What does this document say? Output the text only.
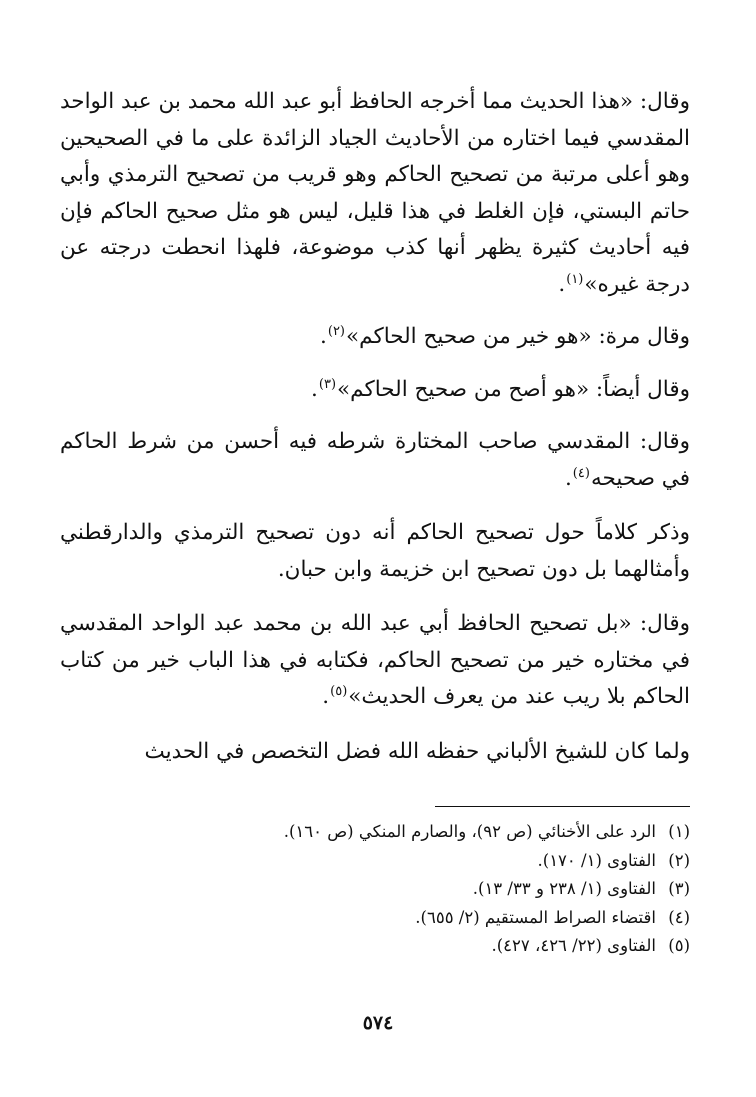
وقال: «هذا الحديث مما أخرجه الحافظ أبو عبد الله محمد بن عبد الواحد المقدسي فيما اختاره من الأحاديث الجياد الزائدة على ما في الصحيحين وهو أعلى مرتبة من تصحيح الحاكم وهو قريب من تصحيح الترمذي وأبي حاتم البستي، فإن الغلط في هذا قليل، ليس هو مثل صحيح الحاكم فإن فيه أحاديث كثيرة يظهر أنها كذب موضوعة، فلهذا انحطت درجته عن درجة غيره»$^{(١)}$.

وقال مرة: «هو خير من صحيح الحاكم»$^{(٢)}$.

وقال أيضاً: «هو أصح من صحيح الحاكم»$^{(٣)}$.

وقال: المقدسي صاحب المختارة شرطه فيه أحسن من شرط الحاكم في صحيحه$^{(٤)}$.

وذكر كلاماً حول تصحيح الحاكم أنه دون تصحيح الترمذي والدارقطني وأمثالهما بل دون تصحيح ابن خزيمة وابن حبان.

وقال: «بل تصحيح الحافظ أبي عبد الله بن محمد عبد الواحد المقدسي في مختاره خير من تصحيح الحاكم، فكتابه في هذا الباب خير من كتاب الحاكم بلا ريب عند من يعرف الحديث»$^{(٥)}$.

ولما كان للشيخ الألباني حفظه الله فضل التخصص في الحديث

(١)الرد على الأخنائي (ص ٩٢)، والصارم المنكي (ص ١٦٠).
(٢)الفتاوى (١/ ١٧٠).
(٣)الفتاوى (١/ ٢٣٨ و ٣٣/ ١٣).
(٤)اقتضاء الصراط المستقيم (٢/ ٦٥٥).
(٥)الفتاوى (٢٢/ ٤٢٦، ٤٢٧).
٥٧٤
